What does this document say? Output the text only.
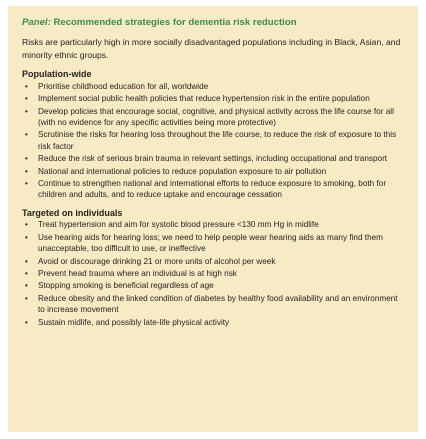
Panel: Recommended strategies for dementia risk reduction

Risks are particularly high in more socially disadvantaged populations including in Black, Asian, and minority ethnic groups.

Population-wide

• Prioritise childhood education for all, worldwide
• Implement social public health policies that reduce hypertension risk in the entire population
• Develop policies that encourage social, cognitive, and physical activity across the life course for all (with no evidence for any specific activities being more protective)
• Scrutinise the risks for hearing loss throughout the life course, to reduce the risk of exposure to this risk factor
• Reduce the risk of serious brain trauma in relevant settings, including occupational and transport
• National and international policies to reduce population exposure to air pollution
• Continue to strengthen national and international efforts to reduce exposure to smoking, both for children and adults, and to reduce uptake and encourage cessation

Targeted on individuals

• Treat hypertension and aim for systolic blood pressure <130 mm Hg in midlife
• Use hearing aids for hearing loss; we need to help people wear hearing aids as many find them unacceptable, too difficult to use, or ineffective
• Avoid or discourage drinking 21 or more units of alcohol per week
• Prevent head trauma where an individual is at high risk
• Stopping smoking is beneficial regardless of age
• Reduce obesity and the linked condition of diabetes by healthy food availability and an environment to increase movement
• Sustain midlife, and possibly late-life physical activity
